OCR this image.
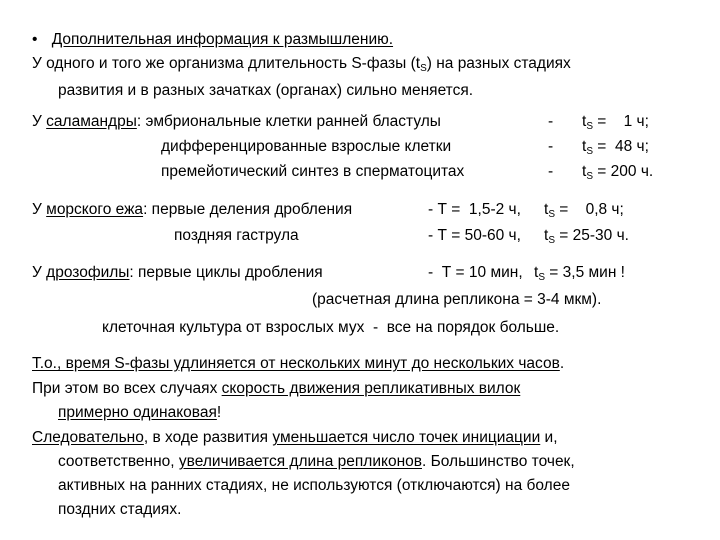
• Дополнительная информация к размышлению.
У одного и того же организма длительность S-фазы $(t_S)$ на разных стадиях
развития и в разных зачатках (органах) сильно меняется.
У саламандры: эмбриональные клетки ранней бластулы
дифференцированные взрослые клетки
премейотический синтез в сперматоцитах
-
-
-
$t_S$ =    1 ч;
$t_S = 48$ ч;
$t_S = 200$ ч.
У морского ежа: первые деления дробления
поздняя гаструла
- Т =  1,5-2 ч,
- Т = 50-60 ч,
$t_S$ =    0,8 ч;
$t_S = 25-30$ ч.
У дрозофилы: первые циклы дробления	-  Т = 10 мин, $t_S = 3,5$ мин !
(расчетная длина репликона = 3-4 мкм).
клеточная культура от взрослых мух  -  все на порядок больше.
Т.о., время S-фазы удлиняется от нескольких минут до нескольких часов.
При этом во всех случаях скорость движения репликативных вилок
примерно одинаковая!
Следовательно, в ходе развития уменьшается число точек инициации и,
соответственно, увеличивается длина репликонов. Большинство точек,
активных на ранних стадиях, не используются (отключаются) на более
поздних стадиях.
